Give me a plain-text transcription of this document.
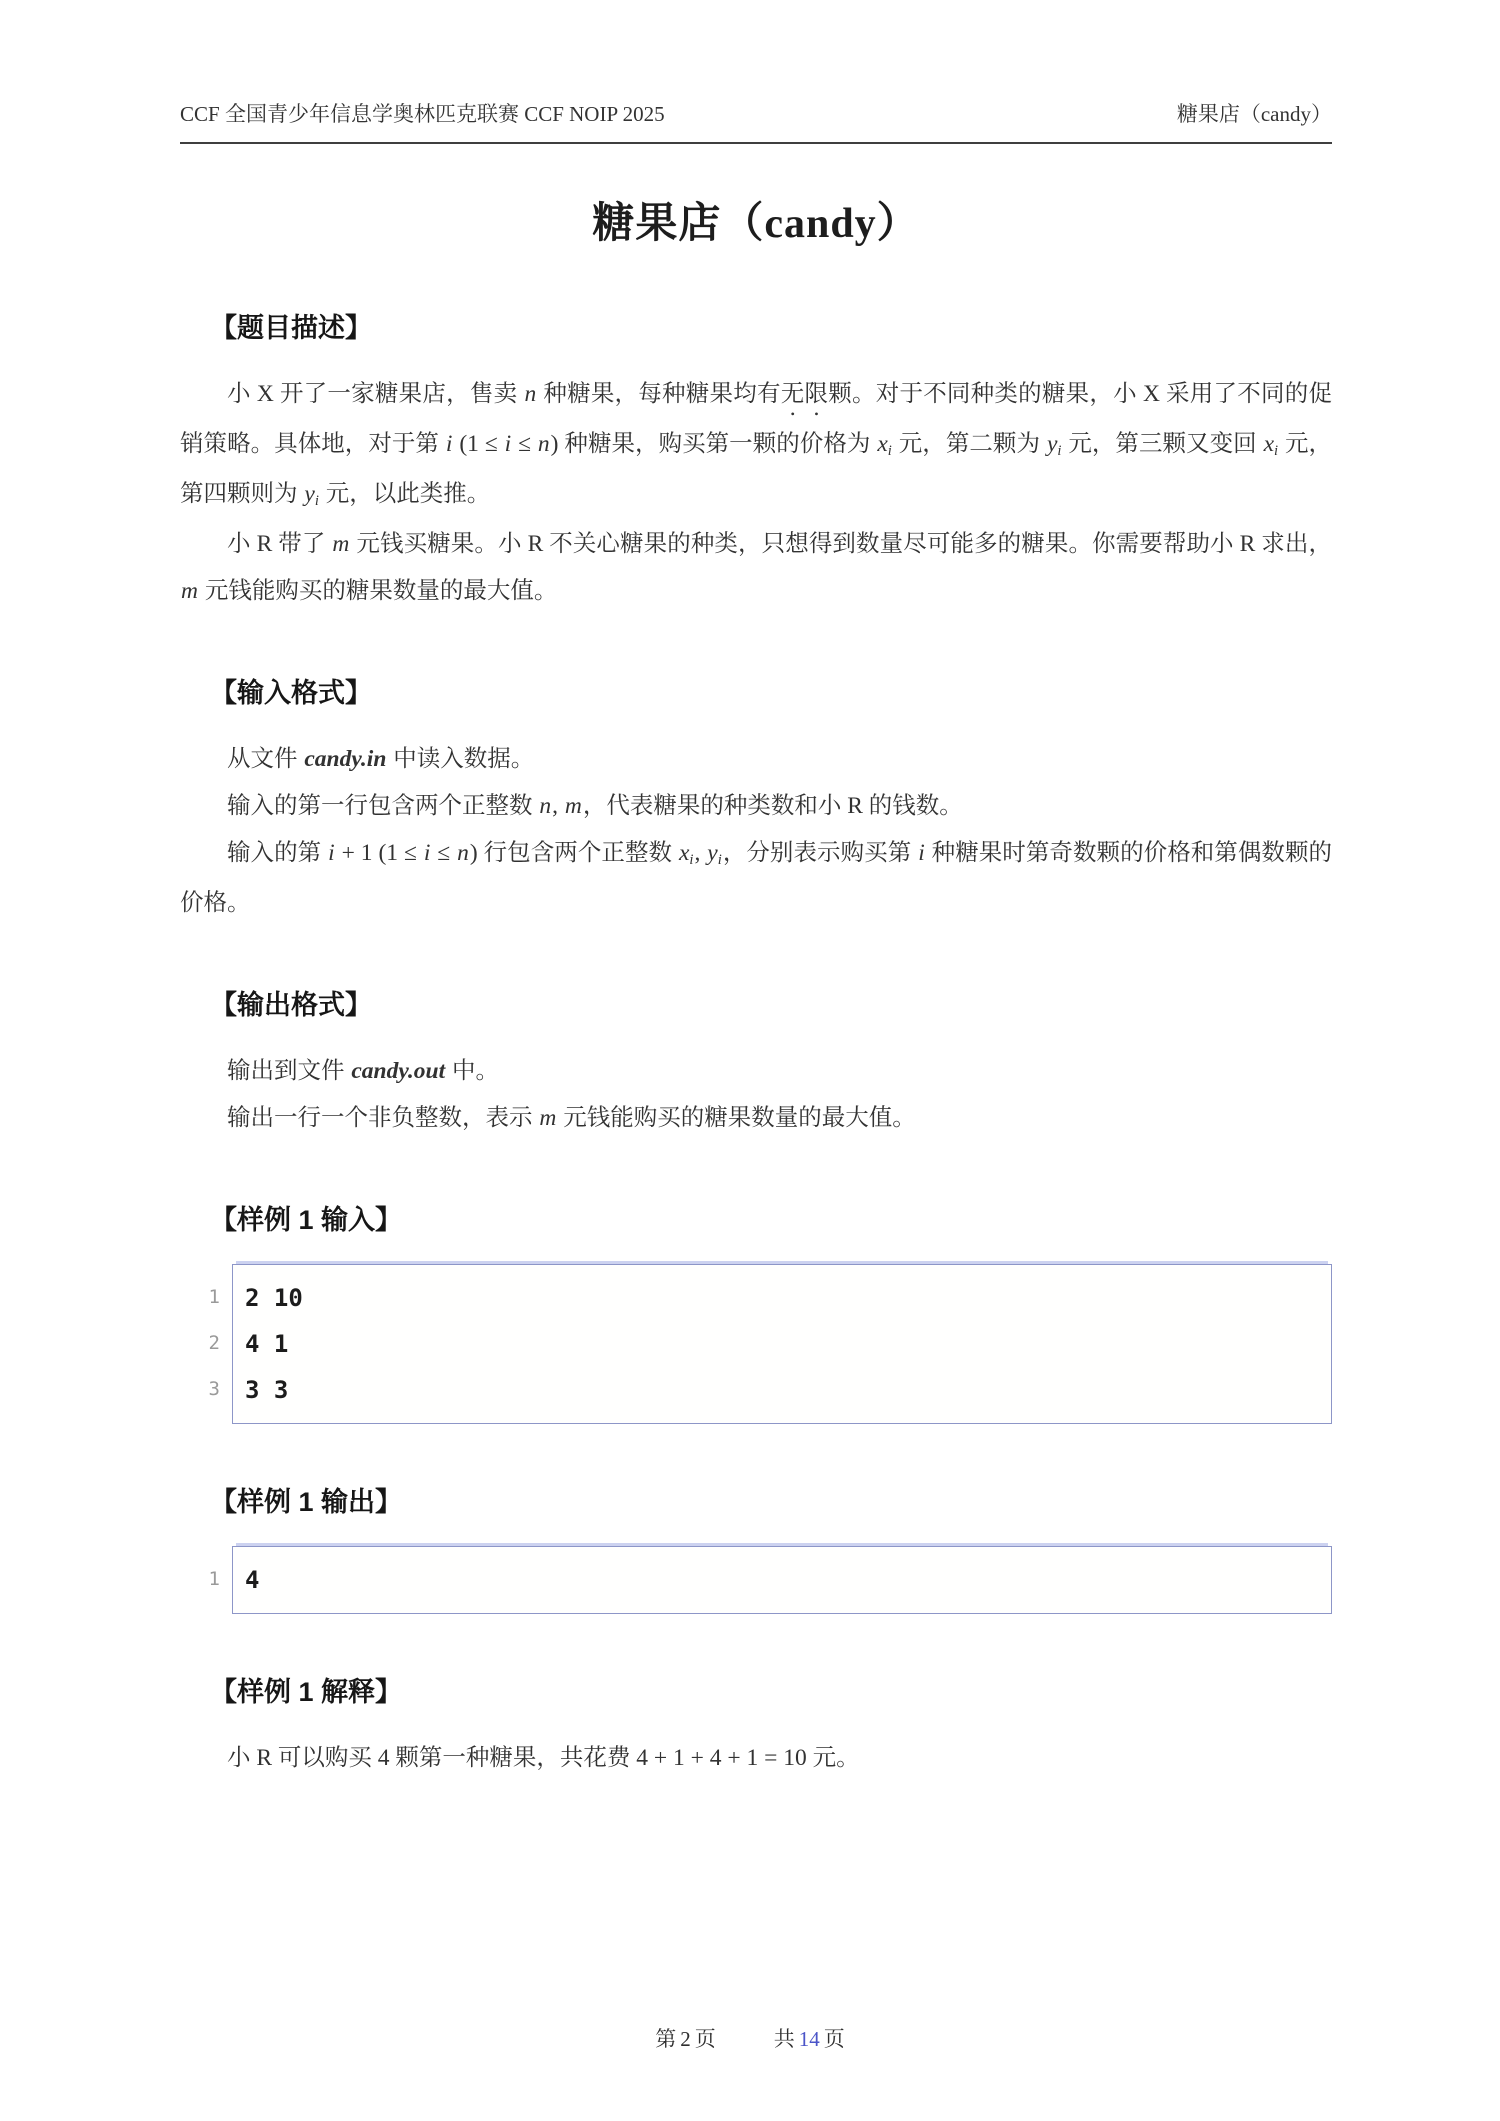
CCF 全国青少年信息学奥林匹克联赛 CCF NOIP 2025	糖果店（candy）
糖果店（candy）
【题目描述】

小 X 开了一家糖果店，售卖 n 种糖果，每种糖果均有无限颗。对于不同种类的糖果，小 X 采用了不同的促销策略。具体地，对于第 i (1 ≤ i ≤ n) 种糖果，购买第一颗的价格为 $x_i$ 元，第二颗为 $y_i$ 元，第三颗又变回 $x_i$ 元，第四颗则为 $y_i$ 元，以此类推。

小 R 带了 m 元钱买糖果。小 R 不关心糖果的种类，只想得到数量尽可能多的糖果。你需要帮助小 R 求出，m 元钱能购买的糖果数量的最大值。

【输入格式】

从文件 candy.in 中读入数据。

输入的第一行包含两个正整数 n, m，代表糖果的种类数和小 R 的钱数。

输入的第 i + 1 (1 ≤ i ≤ n) 行包含两个正整数 $x_i$, $y_i$，分别表示购买第 i 种糖果时第奇数颗的价格和第偶数颗的价格。

【输出格式】

输出到文件 candy.out 中。

输出一行一个非负整数，表示 m 元钱能购买的糖果数量的最大值。

【样例 1 输入】
1
2
3
2 10
4 1
3 3
【样例 1 输出】
1 4
【样例 1 解释】

小 R 可以购买 4 颗第一种糖果，共花费 4 + 1 + 4 + 1 = 10 元。

第 2 页	共 14 页
